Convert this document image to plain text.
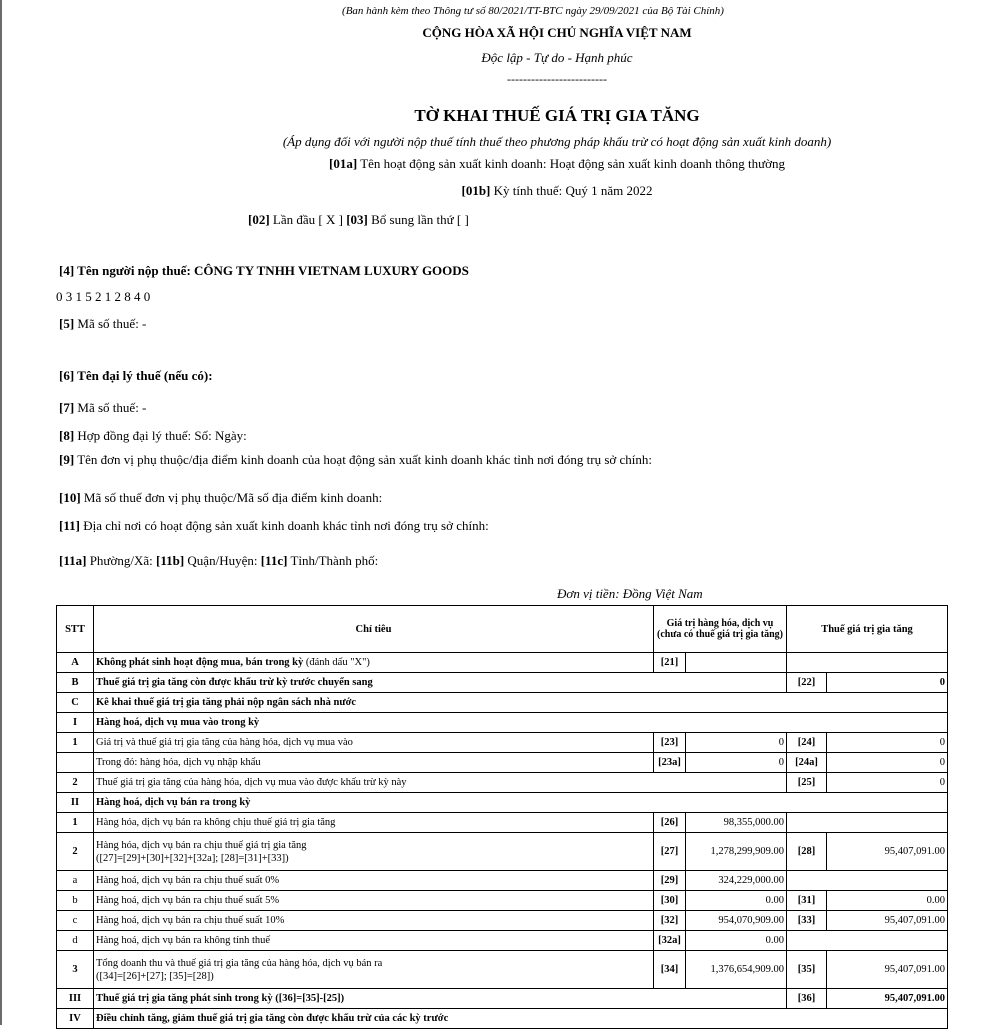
(Ban hành kèm theo Thông tư số 80/2021/TT-BTC ngày 29/09/2021 của Bộ Tài Chính)
CỘNG HÒA XÃ HỘI CHỦ NGHĨA VIỆT NAM
Độc lập - Tự do - Hạnh phúc
-------------------------
TỜ KHAI THUẾ GIÁ TRỊ GIA TĂNG
(Áp dụng đối với người nộp thuế tính thuế theo phương pháp khấu trừ có hoạt động sản xuất kinh doanh)
[01a] Tên hoạt động sản xuất kinh doanh: Hoạt động sản xuất kinh doanh thông thường
[01b] Kỳ tính thuế: Quý 1 năm 2022
[02] Lần đầu [ X ] [03] Bổ sung lần thứ [ ]
[4] Tên người nộp thuế: CÔNG TY TNHH VIETNAM LUXURY GOODS
0 3 1 5 2 1 2 8 4 0
[5] Mã số thuế: -
[6] Tên đại lý thuế (nếu có):
[7] Mã số thuế: -
[8] Hợp đồng đại lý thuế: Số: Ngày:
[9] Tên đơn vị phụ thuộc/địa điểm kinh doanh của hoạt động sản xuất kinh doanh khác tỉnh nơi đóng trụ sở chính:
[10] Mã số thuế đơn vị phụ thuộc/Mã số địa điểm kinh doanh:
[11] Địa chỉ nơi có hoạt động sản xuất kinh doanh khác tỉnh nơi đóng trụ sở chính:
[11a] Phường/Xã: [11b] Quận/Huyện: [11c] Tỉnh/Thành phố:
Đơn vị tiền: Đồng Việt Nam
STT	Chỉ tiêu	Giá trị hàng hóa, dịch vụ (chưa có thuế giá trị gia tăng)		Thuế giá trị gia tăng	
A	Không phát sinh hoạt động mua, bán trong kỳ (đánh dấu "X")	[21]			
B	Thuế giá trị gia tăng còn được khấu trừ kỳ trước chuyển sang			[22]	0
C	Kê khai thuế giá trị gia tăng phải nộp ngân sách nhà nước				
I	Hàng hoá, dịch vụ mua vào trong kỳ				
1	Giá trị và thuế giá trị gia tăng của hàng hóa, dịch vụ mua vào	[23]	0	[24]	0
	Trong đó: hàng hóa, dịch vụ nhập khẩu	[23a]	0	[24a]	0
2	Thuế giá trị gia tăng của hàng hóa, dịch vụ mua vào được khấu trừ kỳ này			[25]	0
II	Hàng hoá, dịch vụ bán ra trong kỳ				
1	Hàng hóa, dịch vụ bán ra không chịu thuế giá trị gia tăng	[26]	98,355,000.00		
2	Hàng hóa, dịch vụ bán ra chịu thuế giá trị gia tăng
([27]=[29]+[30]+[32]+[32a]; [28]=[31]+[33])	[27]	1,278,299,909.00	[28]	95,407,091.00
a	Hàng hoá, dịch vụ bán ra chịu thuế suất 0%	[29]	324,229,000.00		
b	Hàng hoá, dịch vụ bán ra chịu thuế suất 5%	[30]	0.00	[31]	0.00
c	Hàng hoá, dịch vụ bán ra chịu thuế suất 10%	[32]	954,070,909.00	[33]	95,407,091.00
d	Hàng hoá, dịch vụ bán ra không tính thuế	[32a]	0.00		
3	Tổng doanh thu và thuế giá trị gia tăng của hàng hóa, dịch vụ bán ra
([34]=[26]+[27]; [35]=[28])	[34]	1,376,654,909.00	[35]	95,407,091.00
III	Thuế giá trị gia tăng phát sinh trong kỳ ([36]=[35]-[25])			[36]	95,407,091.00
IV	Điều chỉnh tăng, giảm thuế giá trị gia tăng còn được khấu trừ của các kỳ trước				
